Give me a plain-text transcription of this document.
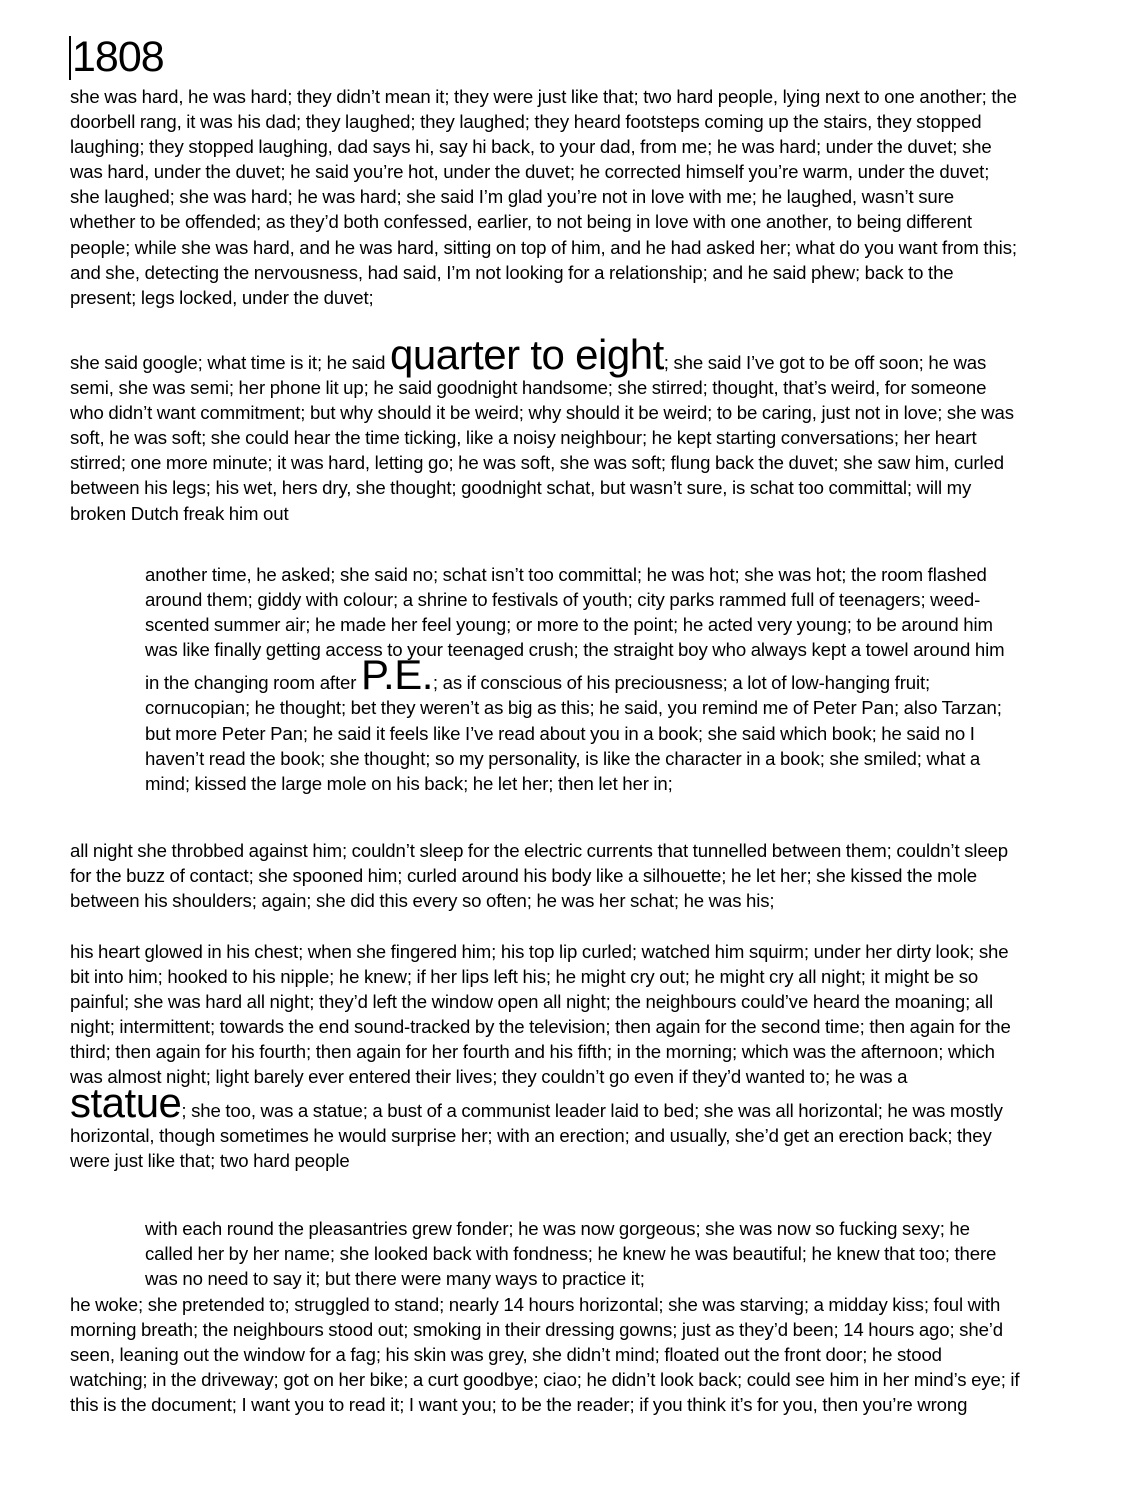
1808

she was hard, he was hard; they didn’t mean it; they were just like that; two hard people, lying next to one another; the doorbell rang, it was his dad; they laughed; they laughed; they heard footsteps coming up the stairs, they stopped laughing; they stopped laughing, dad says hi, say hi back, to your dad, from me; he was hard; under the duvet; she was hard, under the duvet; he said you’re hot, under the duvet; he corrected himself you’re warm, under the duvet; she laughed; she was hard; he was hard; she said I’m glad you’re not in love with me; he laughed, wasn’t sure whether to be offended; as they’d both confessed, earlier, to not being in love with one another, to being different people; while she was hard, and he was hard, sitting on top of him, and he had asked her; what do you want from this; and she, detecting the nervousness, had said, I’m not looking for a relationship; and he said phew; back to the present; legs locked, under the duvet;

she said google; what time is it; he said quarter to eight; she said I’ve got to be off soon; he was semi, she was semi; her phone lit up; he said goodnight handsome; she stirred; thought, that’s weird, for someone who didn’t want commitment; but why should it be weird; why should it be weird; to be caring, just not in love; she was soft, he was soft; she could hear the time ticking, like a noisy neighbour; he kept starting conversations; her heart stirred; one more minute; it was hard, letting go; he was soft, she was soft; flung back the duvet; she saw him, curled between his legs; his wet, hers dry, she thought; goodnight schat, but wasn’t sure, is schat too committal; will my broken Dutch freak him out

another time, he asked; she said no; schat isn’t too committal; he was hot; she was hot; the room flashed around them; giddy with colour; a shrine to festivals of youth; city parks rammed full of teenagers; weed-scented summer air; he made her feel young; or more to the point; he acted very young; to be around him was like finally getting access to your teenaged crush; the straight boy who always kept a towel around him in the changing room after P.E.; as if conscious of his preciousness; a lot of low-hanging fruit; cornucopian; he thought; bet they weren’t as big as this; he said, you remind me of Peter Pan; also Tarzan; but more Peter Pan; he said it feels like I’ve read about you in a book; she said which book; he said no I haven’t read the book; she thought; so my personality, is like the character in a book; she smiled; what a mind; kissed the large mole on his back; he let her; then let her in;

all night she throbbed against him; couldn’t sleep for the electric currents that tunnelled between them; couldn’t sleep for the buzz of contact; she spooned him; curled around his body like a silhouette; he let her; she kissed the mole between his shoulders; again; she did this every so often; he was her schat; he was his;

his heart glowed in his chest; when she fingered him; his top lip curled; watched him squirm; under her dirty look; she bit into him; hooked to his nipple; he knew; if her lips left his; he might cry out; he might cry all night; it might be so painful; she was hard all night; they’d left the window open all night; the neighbours could’ve heard the moaning; all night; intermittent; towards the end sound-tracked by the television; then again for the second time; then again for the third; then again for his fourth; then again for her fourth and his fifth; in the morning; which was the afternoon; which was almost night; light barely ever entered their lives; they couldn’t go even if they’d wanted to; he was a statue; she too, was a statue; a bust of a communist leader laid to bed; she was all horizontal; he was mostly horizontal, though sometimes he would surprise her; with an erection; and usually, she’d get an erection back; they were just like that; two hard people

with each round the pleasantries grew fonder; he was now gorgeous; she was now so fucking sexy; he called her by her name; she looked back with fondness; he knew he was beautiful; he knew that too; there was no need to say it; but there were many ways to practice it;

he woke; she pretended to; struggled to stand; nearly 14 hours horizontal; she was starving; a midday kiss; foul with morning breath; the neighbours stood out; smoking in their dressing gowns; just as they’d been; 14 hours ago; she’d seen, leaning out the window for a fag; his skin was grey, she didn’t mind; floated out the front door; he stood watching; in the driveway; got on her bike; a curt goodbye; ciao; he didn’t look back; could see him in her mind’s eye; if this is the document; I want you to read it; I want you; to be the reader; if you think it’s for you, then you’re wrong
